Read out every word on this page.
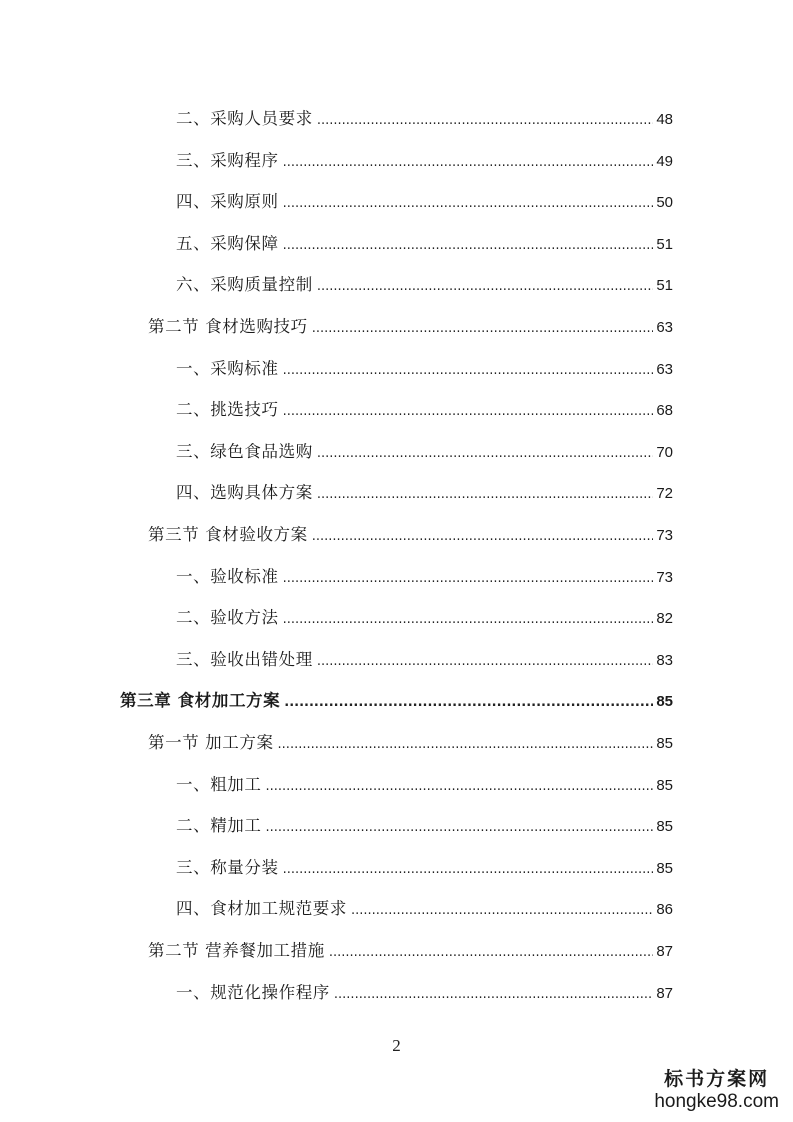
二、采购人员要求 .....	48
三、采购程序 .....	49
四、采购原则 .....	50
五、采购保障 .....	51
六、采购质量控制 .....	51
第二节 食材选购技巧 .....	63
一、采购标准 .....	63
二、挑选技巧 .....	68
三、绿色食品选购 .....	70
四、选购具体方案 .....	72
第三节 食材验收方案 .....	73
一、验收标准 .....	73
二、验收方法 .....	82
三、验收出错处理 .....	83
第三章 食材加工方案 .....	85
第一节 加工方案 .....	85
一、粗加工 .....	85
二、精加工 .....	85
三、称量分装 .....	85
四、食材加工规范要求 .....	86
第二节 营养餐加工措施 .....	87
一、规范化操作程序 .....	87
2
标书方案网
hongke98.com
